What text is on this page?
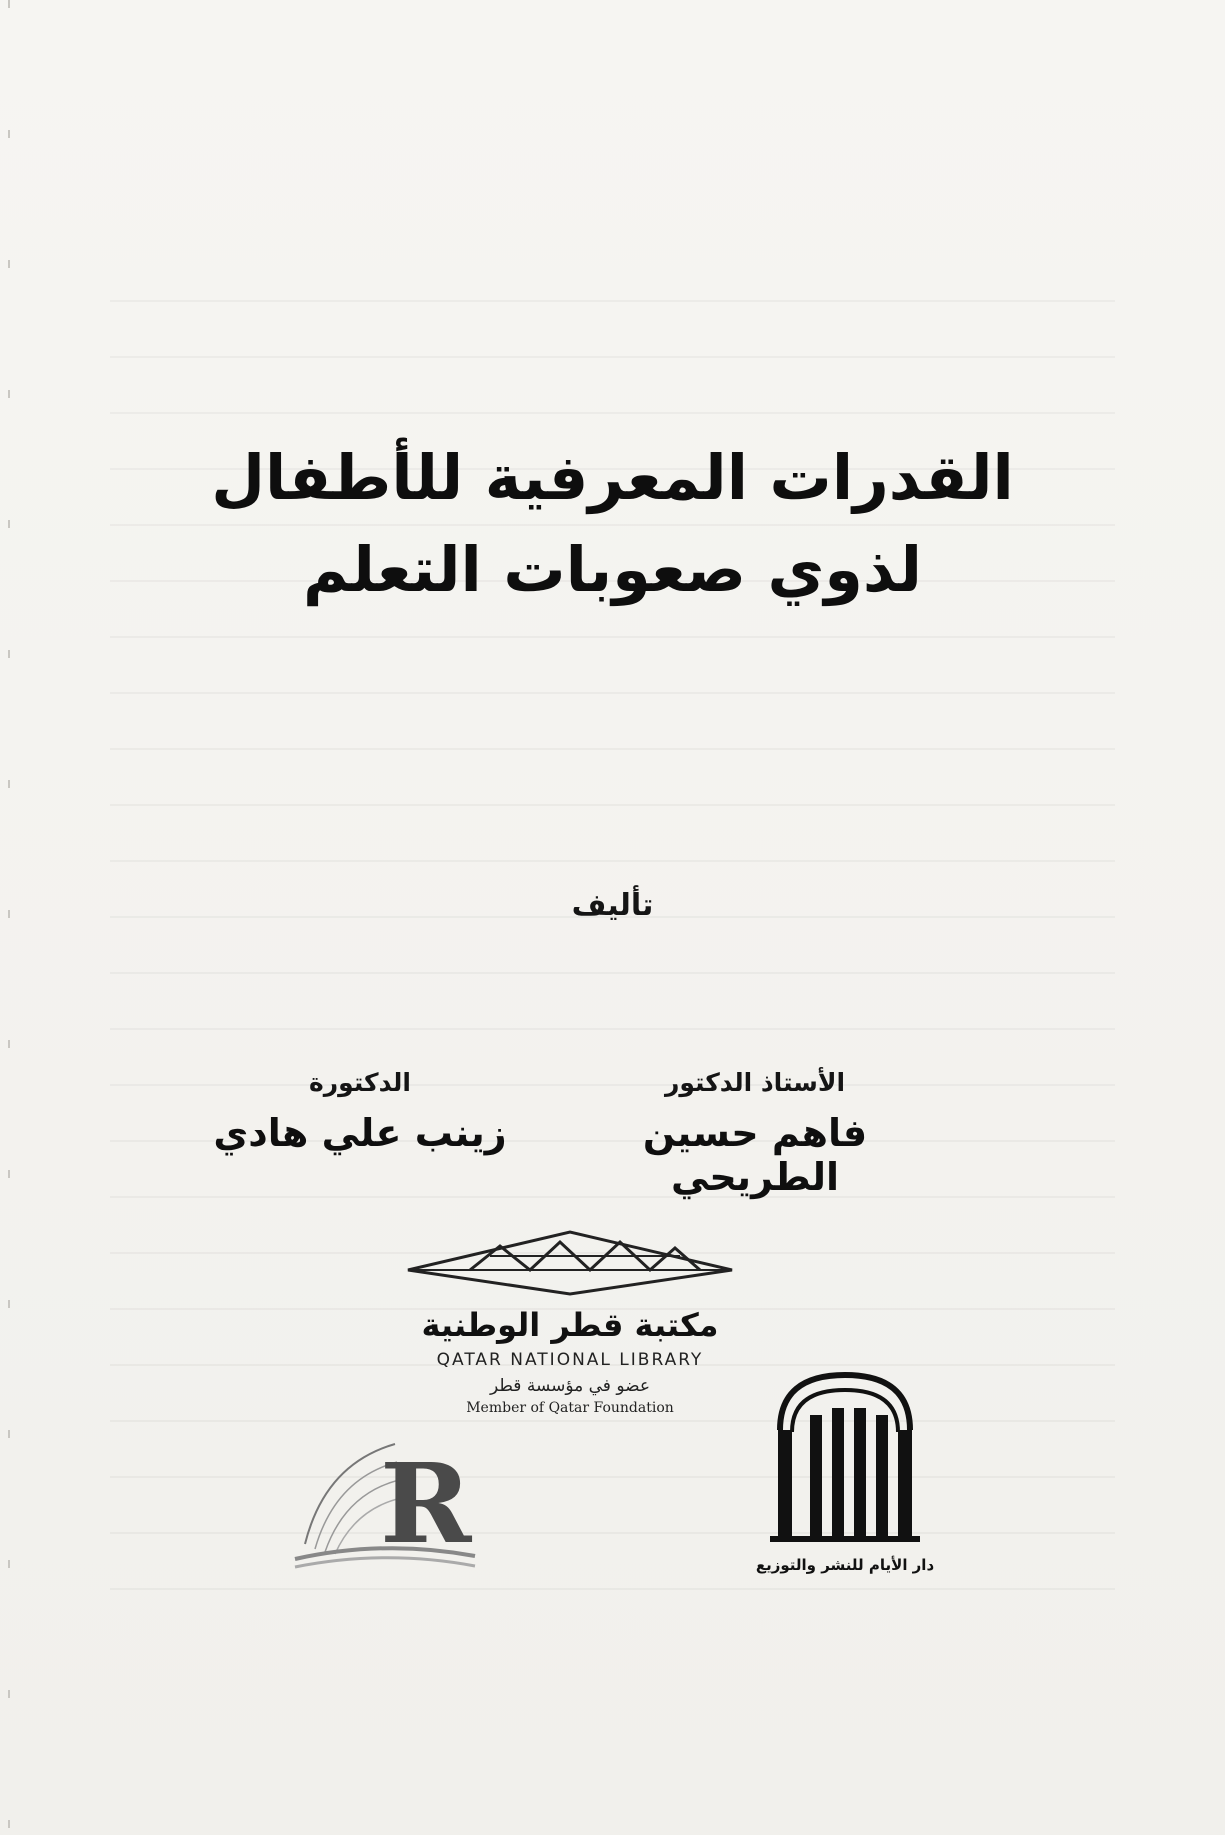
القدرات المعرفية للأطفال
لذوي صعوبات التعلم
تأليف
الأستاذ الدكتور
فاهم حسين الطريحي
الدكتورة
زينب علي هادي
مكتبة قطر الوطنية
QATAR NATIONAL LIBRARY
عضو في مؤسسة قطر
Member of Qatar Foundation
R	دار الأيام للنشر والتوزيع
